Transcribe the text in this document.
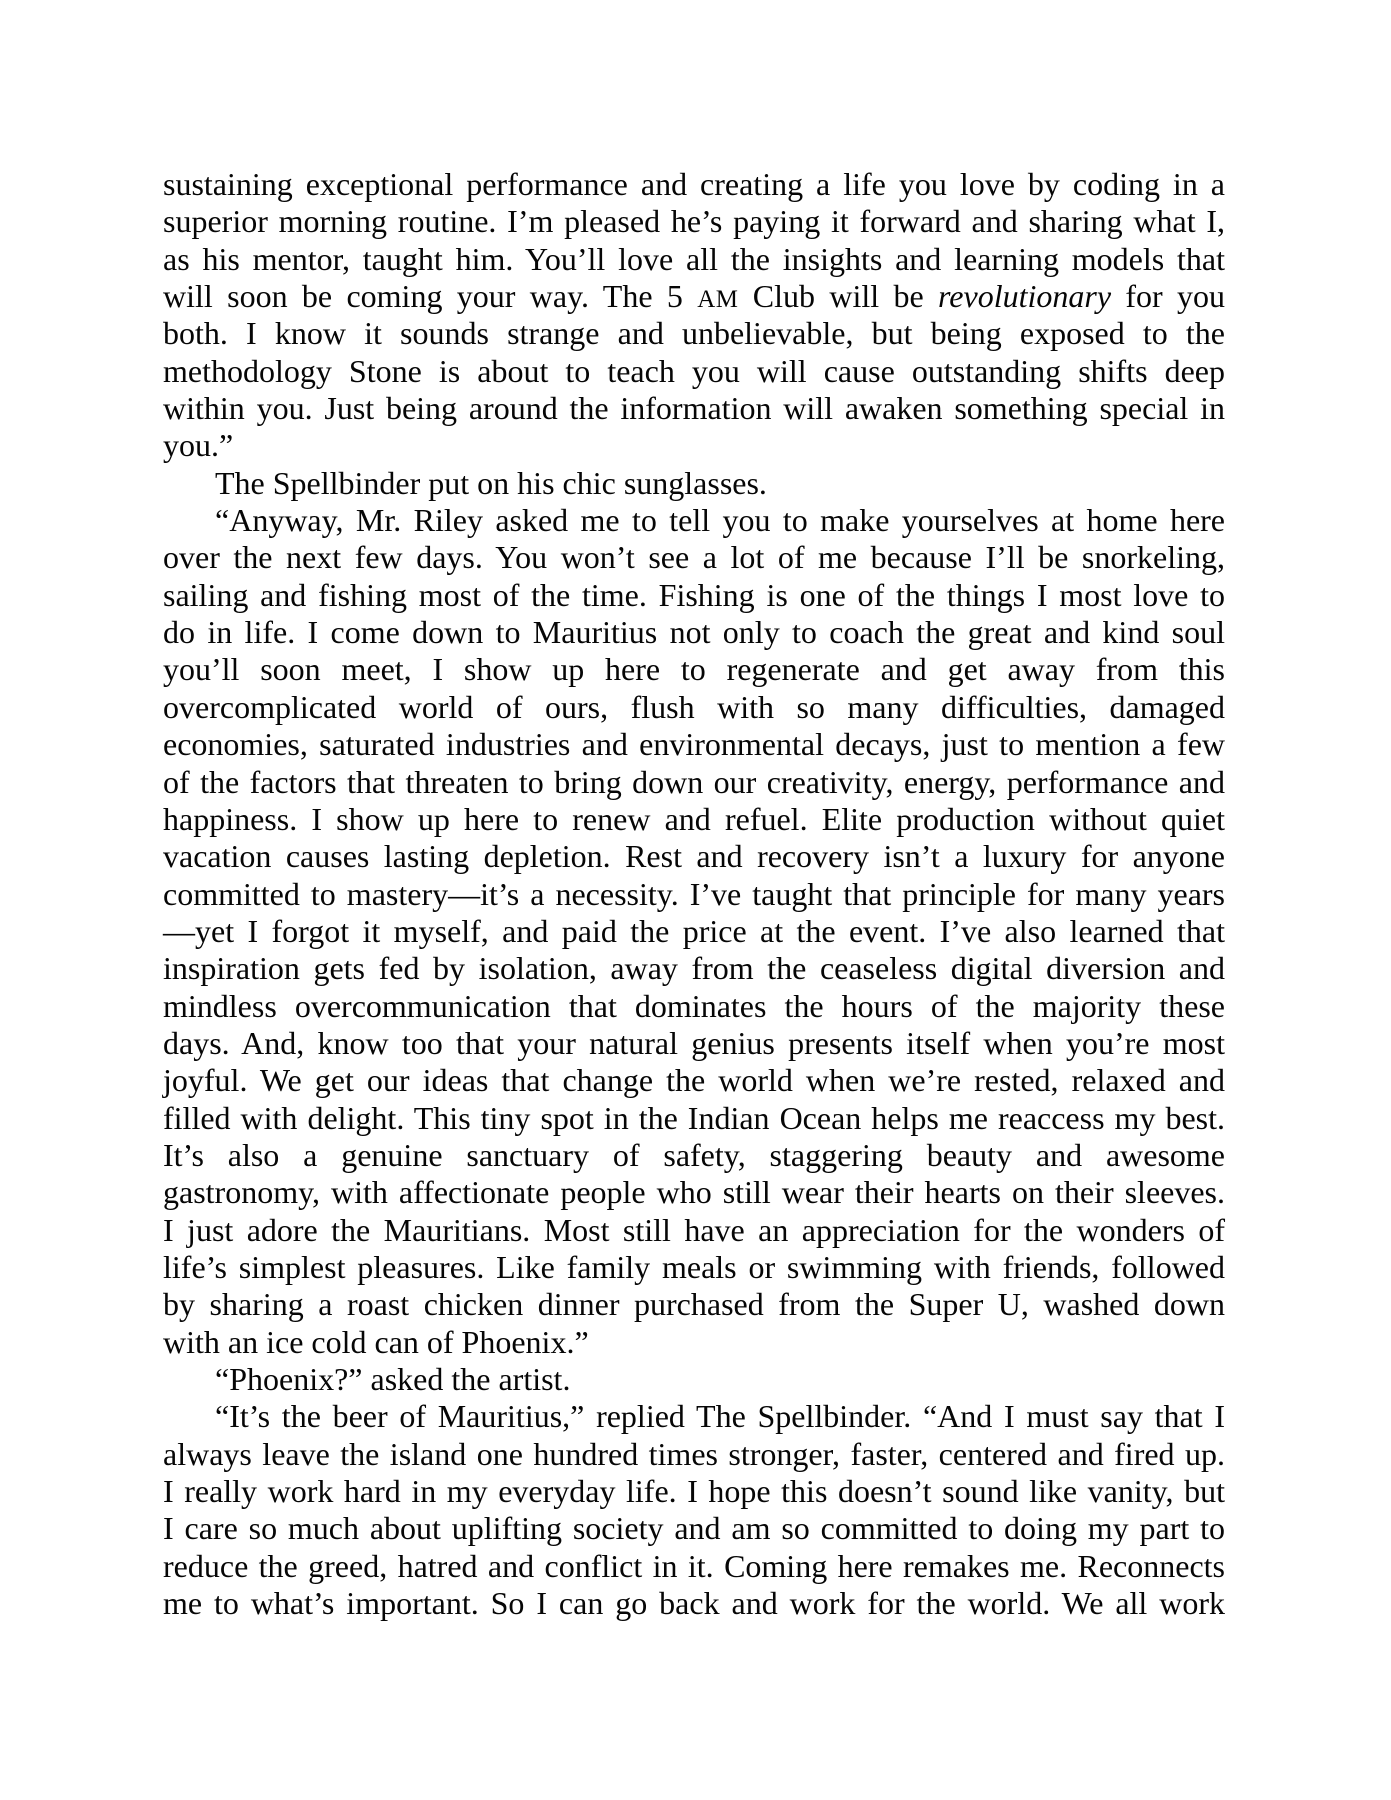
sustaining exceptional performance and creating a life you love by coding in a
superior morning routine. I’m pleased he’s paying it forward and sharing what I,
as his mentor, taught him. You’ll love all the insights and learning models that
will soon be coming your way. The 5 AM Club will be revolutionary for you
both. I know it sounds strange and unbelievable, but being exposed to the
methodology Stone is about to teach you will cause outstanding shifts deep
within you. Just being around the information will awaken something special in
you.”
The Spellbinder put on his chic sunglasses.
“Anyway, Mr. Riley asked me to tell you to make yourselves at home here
over the next few days. You won’t see a lot of me because I’ll be snorkeling,
sailing and fishing most of the time. Fishing is one of the things I most love to
do in life. I come down to Mauritius not only to coach the great and kind soul
you’ll soon meet, I show up here to regenerate and get away from this
overcomplicated world of ours, flush with so many difficulties, damaged
economies, saturated industries and environmental decays, just to mention a few
of the factors that threaten to bring down our creativity, energy, performance and
happiness. I show up here to renew and refuel. Elite production without quiet
vacation causes lasting depletion. Rest and recovery isn’t a luxury for anyone
committed to mastery—it’s a necessity. I’ve taught that principle for many years
—yet I forgot it myself, and paid the price at the event. I’ve also learned that
inspiration gets fed by isolation, away from the ceaseless digital diversion and
mindless overcommunication that dominates the hours of the majority these
days. And, know too that your natural genius presents itself when you’re most
joyful. We get our ideas that change the world when we’re rested, relaxed and
filled with delight. This tiny spot in the Indian Ocean helps me reaccess my best.
It’s also a genuine sanctuary of safety, staggering beauty and awesome
gastronomy, with affectionate people who still wear their hearts on their sleeves.
I just adore the Mauritians. Most still have an appreciation for the wonders of
life’s simplest pleasures. Like family meals or swimming with friends, followed
by sharing a roast chicken dinner purchased from the Super U, washed down
with an ice cold can of Phoenix.”
“Phoenix?” asked the artist.
“It’s the beer of Mauritius,” replied The Spellbinder. “And I must say that I
always leave the island one hundred times stronger, faster, centered and fired up.
I really work hard in my everyday life. I hope this doesn’t sound like vanity, but
I care so much about uplifting society and am so committed to doing my part to
reduce the greed, hatred and conflict in it. Coming here remakes me. Reconnects
me to what’s important. So I can go back and work for the world. We all work
